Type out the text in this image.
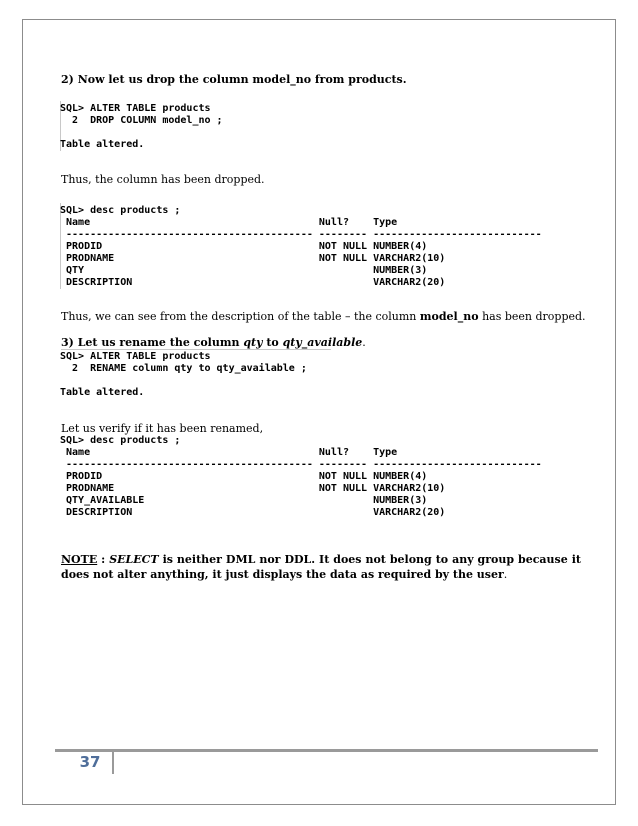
2) Now let us drop the column model_no from products.
SQL> ALTER TABLE products
2  DROP COLUMN model_no ;
Table altered.
Thus, the column has been dropped.
SQL> desc products ;
Name                                      Null?    Type
----------------------------------------- -------- ----------------------------
PRODID                                    NOT NULL NUMBER(4)
PRODNAME                                  NOT NULL VARCHAR2(10)
QTY                                                NUMBER(3)
DESCRIPTION                                        VARCHAR2(20)
Thus, we can see from the description of the table – the column model_no has been dropped.
3) Let us rename the column qty to qty_available.
SQL> ALTER TABLE products
2  RENAME column qty to qty_available ;
Table altered.
Let us verify if it has been renamed,
SQL> desc products ;
Name                                      Null?    Type
----------------------------------------- -------- ----------------------------
PRODID                                    NOT NULL NUMBER(4)
PRODNAME                                  NOT NULL VARCHAR2(10)
QTY_AVAILABLE                                      NUMBER(3)
DESCRIPTION                                        VARCHAR2(20)
NOTE : SELECT is neither DML nor DDL. It does not belong to any group because it does not alter anything, it just displays the data as required by the user.
37
